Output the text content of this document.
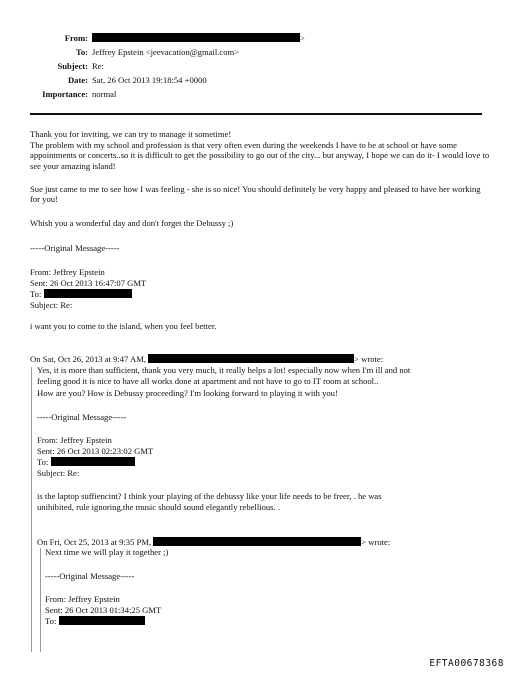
From:	>
To: Jeffrey Epstein <jeevacation@gmail.com>
Subject: Re:
Date: Sat, 26 Oct 2013 19:18:54 +0000
Importance: normal
Thank you for inviting, we can try to manage it sometime!
The problem with my school and profession is that very often even during the weekends I have to be at school or have some appointments or concerts..so it is difficult to get the possibility to go out of the city... but anyway, I hope we can do it- I would love to see your amazing island!
Sue just came to me to see how I was feeling - she is so nice! You should definitely be very happy and pleased to have her working for you!
Whish you a wonderful day and don't forget the Debussy ;)
-----Original Message-----
From: Jeffrey Epstein
Sent: 26 Oct 2013 16:47:07 GMT
To:
Subject: Re:
i want you to come to the island, when you feel better.
On Sat, Oct 26, 2013 at 9:47 AM,	> wrote:
Yes, it is more than sufficient, thank you very much, it really helps a lot! especially now when I'm ill and not
feeling good it is nice to have all works done at apartment and not have to go to IT room at school..
How are you? How is Debussy proceeding? I'm looking forward to playing it with you!
-----Original Message-----
From: Jeffrey Epstein
Sent: 26 Oct 2013 02:23:02 GMT
To:
Subject: Re:
is the laptop suffiencint? I think your playing of the debussy like your life needs to be freer, . he was
unihibited, rule ignoring,the music should sound elegantly rebellious. .
On Fri, Oct 25, 2013 at 9:35 PM,	> wrote:
Next time we will play it together ;)
-----Original Message-----
From: Jeffrey Epstein
Sent: 26 Oct 2013 01:34:25 GMT
To:
EFTA00678368
